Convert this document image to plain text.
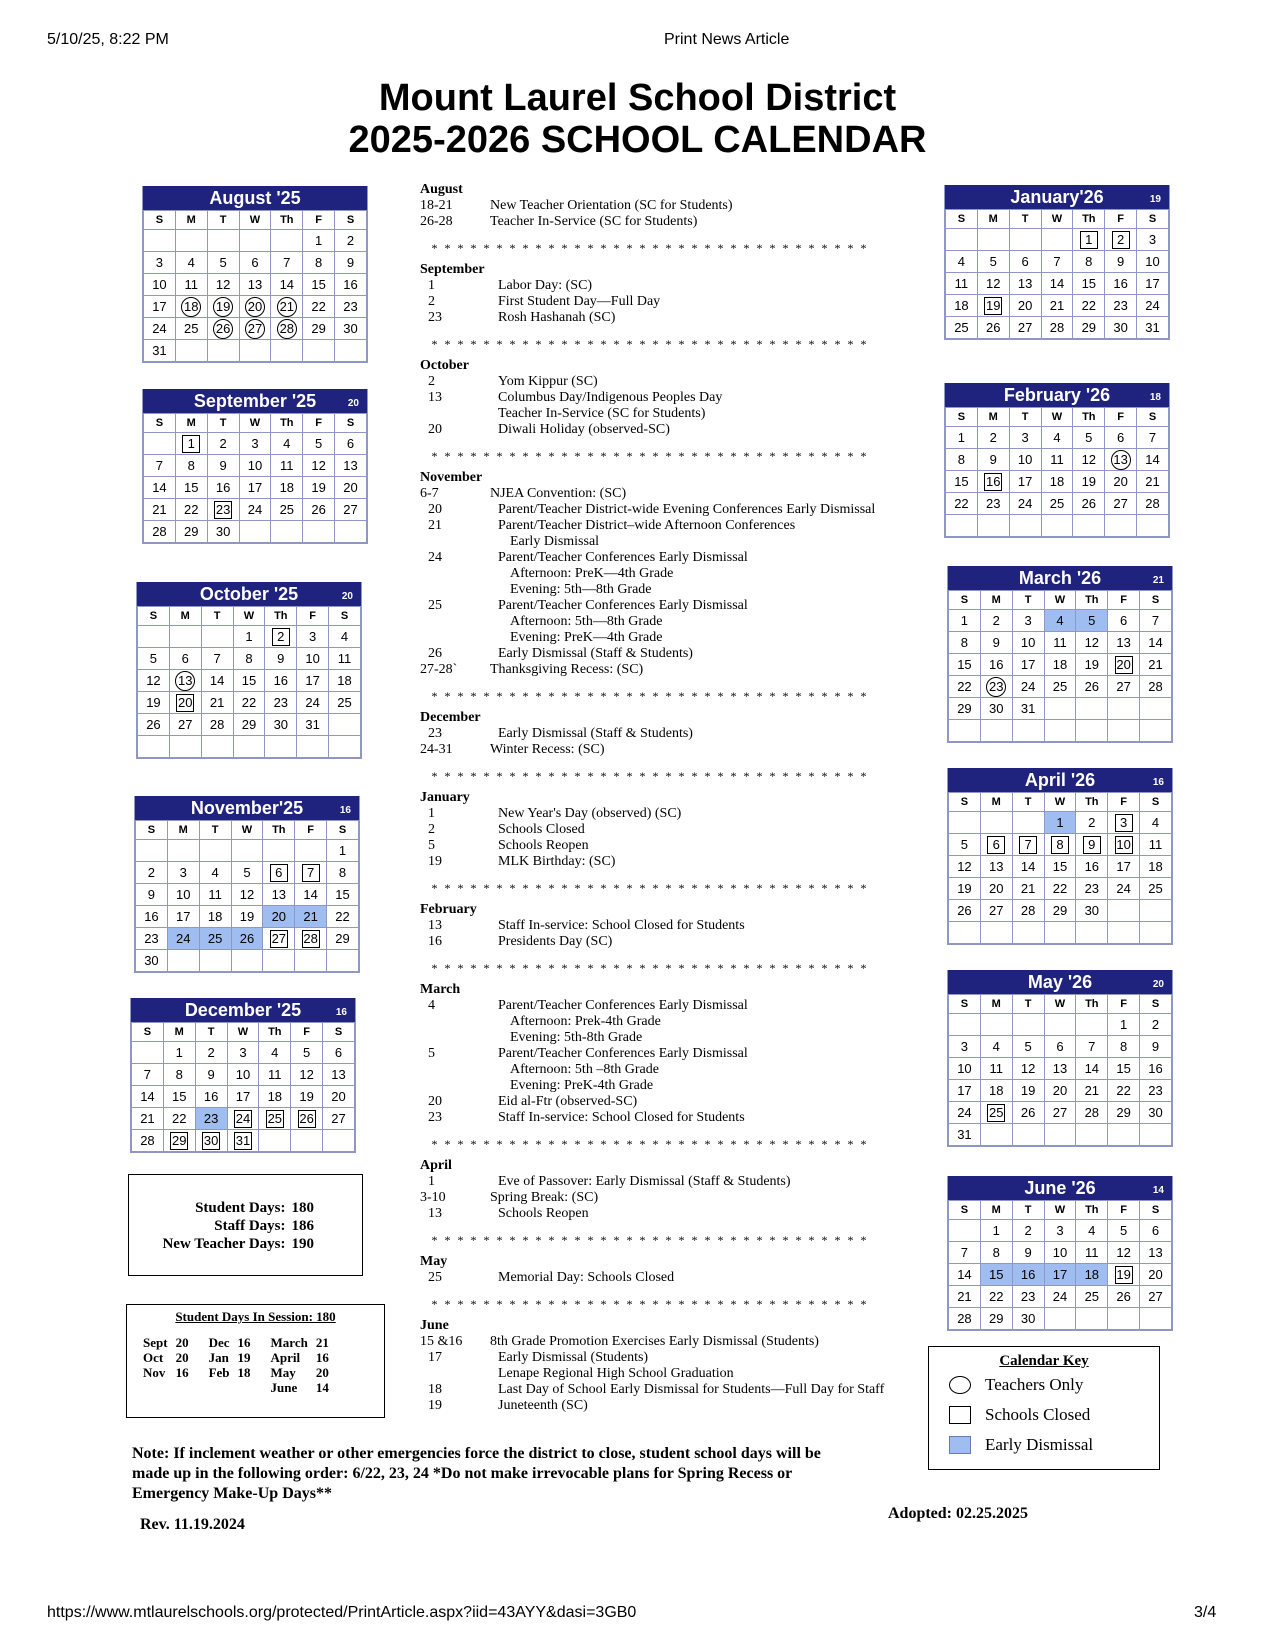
5/10/25, 8:22 PM	Print News Article
Mount Laurel School District
2025-2026 SCHOOL CALENDAR
August '25
S	M	T	W	Th	F	S
					1	2
3	4	5	6	7	8	9
10	11	12	13	14	15	16
17	18	19	20	21	22	23
24	25	26	27	28	29	30
31						
September '25	20
S	M	T	W	Th	F	S
	1	2	3	4	5	6
7	8	9	10	11	12	13
14	15	16	17	18	19	20
21	22	23	24	25	26	27
28	29	30				
October '25	20
S	M	T	W	Th	F	S
			1	2	3	4
5	6	7	8	9	10	11
12	13	14	15	16	17	18
19	20	21	22	23	24	25
26	27	28	29	30	31	

November'25	16
S	M	T	W	Th	F	S
						1
2	3	4	5	6	7	8
9	10	11	12	13	14	15
16	17	18	19	20	21	22
23	24	25	26	27	28	29
30						
December '25	16
S	M	T	W	Th	F	S
	1	2	3	4	5	6
7	8	9	10	11	12	13
14	15	16	17	18	19	20
21	22	23	24	25	26	27
28	29	30	31			
January'26	19
S	M	T	W	Th	F	S
				1	2	3
4	5	6	7	8	9	10
11	12	13	14	15	16	17
18	19	20	21	22	23	24
25	26	27	28	29	30	31
February '26	18
S	M	T	W	Th	F	S
1	2	3	4	5	6	7
8	9	10	11	12	13	14
15	16	17	18	19	20	21
22	23	24	25	26	27	28

March '26	21
S	M	T	W	Th	F	S
1	2	3	4	5	6	7
8	9	10	11	12	13	14
15	16	17	18	19	20	21
22	23	24	25	26	27	28
29	30	31				

April '26	16
S	M	T	W	Th	F	S
			1	2	3	4
5	6	7	8	9	10	11
12	13	14	15	16	17	18
19	20	21	22	23	24	25
26	27	28	29	30		

May '26	20
S	M	T	W	Th	F	S
					1	2
3	4	5	6	7	8	9
10	11	12	13	14	15	16
17	18	19	20	21	22	23
24	25	26	27	28	29	30
31						
June '26	14
S	M	T	W	Th	F	S
	1	2	3	4	5	6
7	8	9	10	11	12	13
14	15	16	17	18	19	20
21	22	23	24	25	26	27
28	29	30				
August
18-21	New Teacher Orientation (SC for Students)
26-28	Teacher In-Service (SC for Students)
* * * * * * * * * * * * * * * * * * * * * * * * * * * * * * * * * *
September
1	Labor Day: (SC)
2	First Student Day—Full Day
23	Rosh Hashanah (SC)
* * * * * * * * * * * * * * * * * * * * * * * * * * * * * * * * * *
October
2	Yom Kippur (SC)
13	Columbus Day/Indigenous Peoples Day
Teacher In-Service (SC for Students)
20	Diwali Holiday (observed-SC)
* * * * * * * * * * * * * * * * * * * * * * * * * * * * * * * * * *
November
6-7	NJEA Convention: (SC)
20	Parent/Teacher District-wide Evening Conferences Early Dismissal
21	Parent/Teacher District–wide Afternoon Conferences
Early Dismissal
24	Parent/Teacher Conferences Early Dismissal
Afternoon: PreK—4th Grade
Evening: 5th—8th Grade
25	Parent/Teacher Conferences Early Dismissal
Afternoon: 5th—8th Grade
Evening: PreK—4th Grade
26	Early Dismissal (Staff & Students)
27-28`	Thanksgiving Recess: (SC)
* * * * * * * * * * * * * * * * * * * * * * * * * * * * * * * * * *
December
23	Early Dismissal (Staff & Students)
24-31	Winter Recess: (SC)
* * * * * * * * * * * * * * * * * * * * * * * * * * * * * * * * * *
January
1	New Year's Day (observed) (SC)
2	Schools Closed
5	Schools Reopen
19	MLK Birthday: (SC)
* * * * * * * * * * * * * * * * * * * * * * * * * * * * * * * * * *
February
13	Staff In-service: School Closed for Students
16	Presidents Day (SC)
* * * * * * * * * * * * * * * * * * * * * * * * * * * * * * * * * *
March
4	Parent/Teacher Conferences Early Dismissal
Afternoon: Prek-4th Grade
Evening: 5th-8th Grade
5	Parent/Teacher Conferences Early Dismissal
Afternoon: 5th –8th Grade
Evening: PreK-4th Grade
20	Eid al-Ftr (observed-SC)
23	Staff In-service: School Closed for Students
* * * * * * * * * * * * * * * * * * * * * * * * * * * * * * * * * *
April
1	Eve of Passover: Early Dismissal (Staff & Students)
3-10	Spring Break: (SC)
13	Schools Reopen
* * * * * * * * * * * * * * * * * * * * * * * * * * * * * * * * * *
May
25	Memorial Day: Schools Closed
* * * * * * * * * * * * * * * * * * * * * * * * * * * * * * * * * *
June
15 &16	8th Grade Promotion Exercises Early Dismissal (Students)
17	Early Dismissal (Students)
Lenape Regional High School Graduation
18	Last Day of School Early Dismissal for Students—Full Day for Staff
19	Juneteenth (SC)
Student Days: 180
Staff Days: 186
New Teacher Days: 190
Student Days In Session: 180
Sept	20	Dec	16	March	21
Oct	20	Jan	19	April	16
Nov	16	Feb	18	May	20
				June	14
Calendar Key
Teachers Only
Schools Closed
Early Dismissal
Note: If inclement weather or other emergencies force the district to close, student school days will be made up in the following order: 6/22, 23, 24 *Do not make irrevocable plans for Spring Recess or Emergency Make-Up Days**
Rev. 11.19.2024
Adopted: 02.25.2025
https://www.mtlaurelschools.org/protected/PrintArticle.aspx?iid=43AYY&dasi=3GB0	3/4
